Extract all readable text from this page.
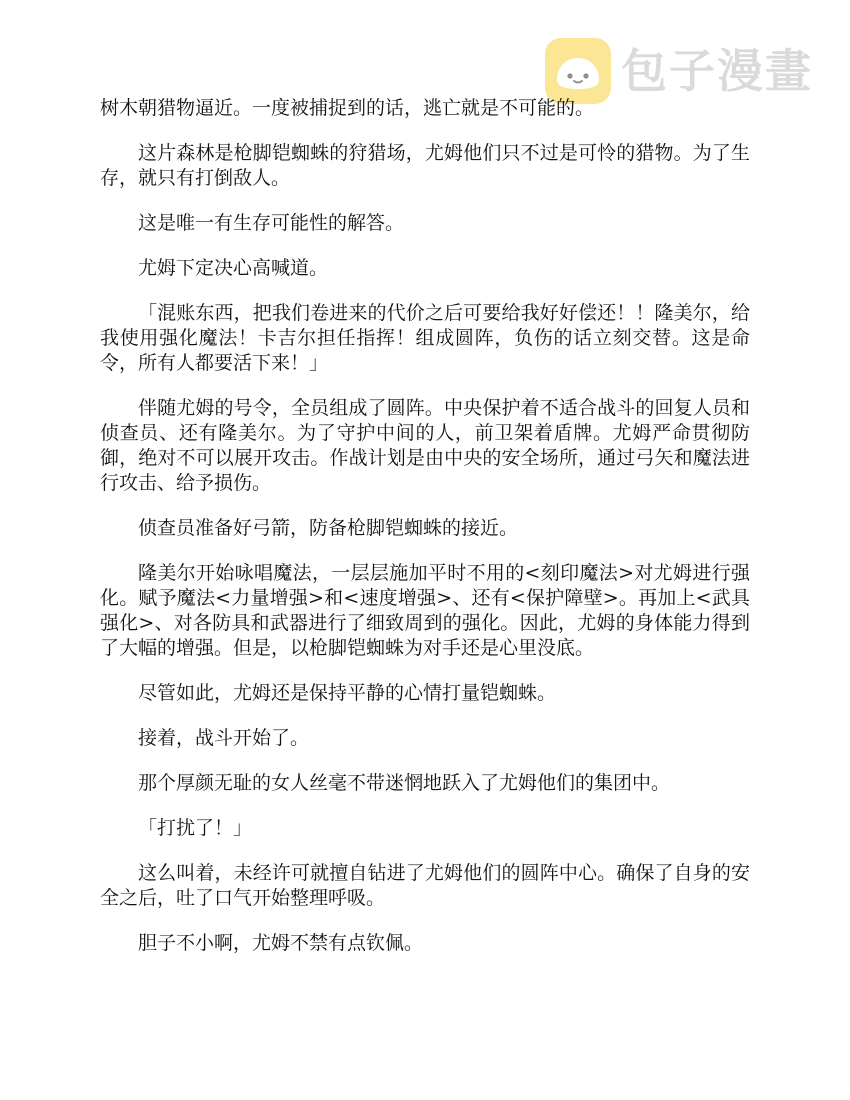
包子漫畫

树木朝猎物逼近。一度被捕捉到的话，逃亡就是不可能的。

这片森林是枪脚铠蜘蛛的狩猎场，尤姆他们只不过是可怜的猎物。为了生存，就只有打倒敌人。

这是唯一有生存可能性的解答。

尤姆下定决心高喊道。

「混账东西，把我们卷进来的代价之后可要给我好好偿还！！隆美尔，给我使用强化魔法！卡吉尔担任指挥！组成圆阵，负伤的话立刻交替。这是命令，所有人都要活下来！」

伴随尤姆的号令，全员组成了圆阵。中央保护着不适合战斗的回复人员和侦查员、还有隆美尔。为了守护中间的人，前卫架着盾牌。尤姆严命贯彻防御，绝对不可以展开攻击。作战计划是由中央的安全场所，通过弓矢和魔法进行攻击、给予损伤。

侦查员准备好弓箭，防备枪脚铠蜘蛛的接近。

隆美尔开始咏唱魔法，一层层施加平时不用的<刻印魔法>对尤姆进行强化。赋予魔法<力量增强>和<速度增强>、还有<保护障壁>。再加上<武具强化>、对各防具和武器进行了细致周到的强化。因此，尤姆的身体能力得到了大幅的增强。但是，以枪脚铠蜘蛛为对手还是心里没底。

尽管如此，尤姆还是保持平静的心情打量铠蜘蛛。

接着，战斗开始了。

那个厚颜无耻的女人丝毫不带迷惘地跃入了尤姆他们的集团中。

「打扰了！」

这么叫着，未经许可就擅自钻进了尤姆他们的圆阵中心。确保了自身的安全之后，吐了口气开始整理呼吸。

胆子不小啊，尤姆不禁有点钦佩。
